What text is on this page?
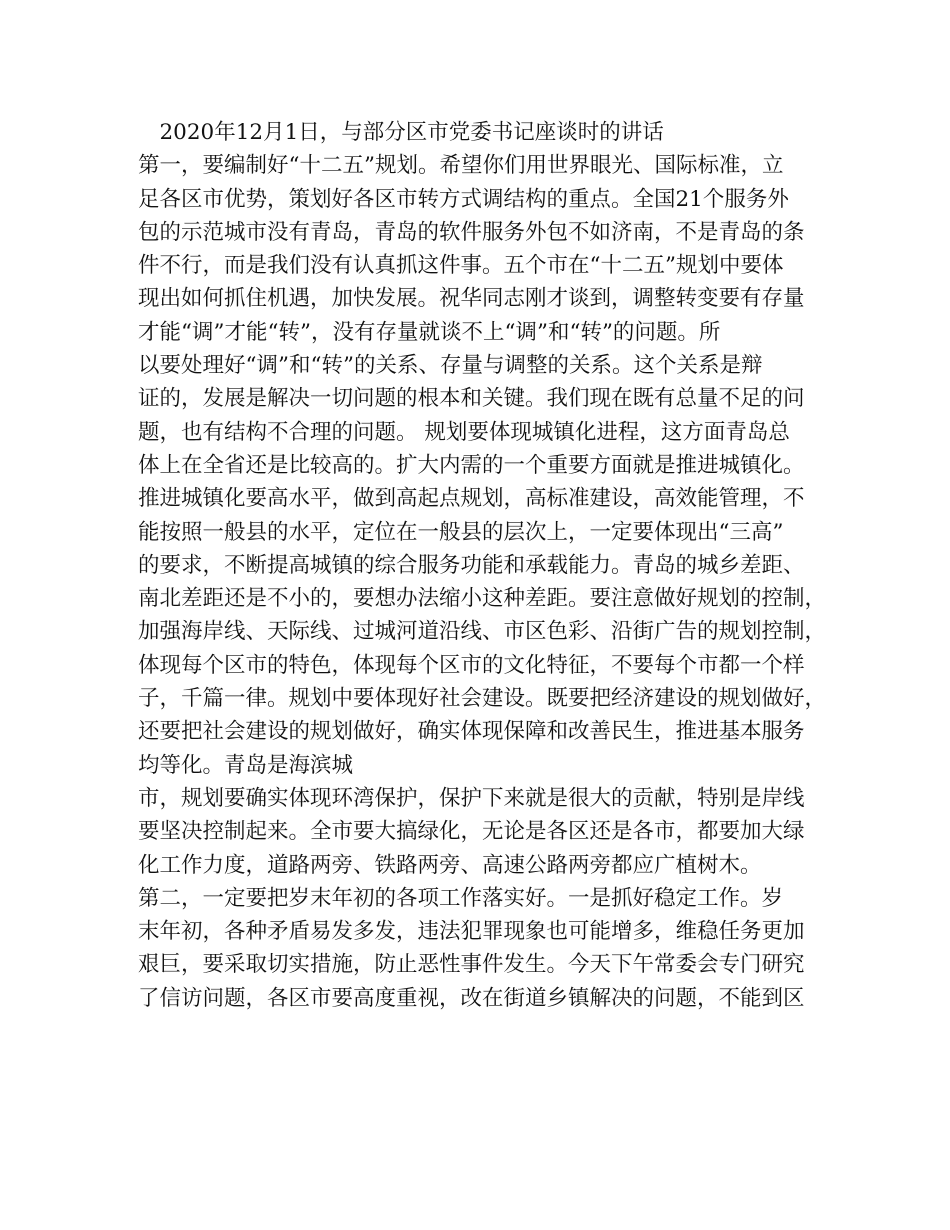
　2020年12月1日，与部分区市党委书记座谈时的讲话
第一，要编制好“十二五”规划。希望你们用世界眼光、国际标准，立
足各区市优势，策划好各区市转方式调结构的重点。全国21个服务外
包的示范城市没有青岛，青岛的软件服务外包不如济南，不是青岛的条
件不行，而是我们没有认真抓这件事。五个市在“十二五”规划中要体
现出如何抓住机遇，加快发展。祝华同志刚才谈到，调整转变要有存量
才能“调”才能“转”，没有存量就谈不上“调”和“转”的问题。所
以要处理好“调”和“转”的关系、存量与调整的关系。这个关系是辩
证的，发展是解决一切问题的根本和关键。我们现在既有总量不足的问
题，也有结构不合理的问题。 规划要体现城镇化进程，这方面青岛总
体上在全省还是比较高的。扩大内需的一个重要方面就是推进城镇化。
推进城镇化要高水平，做到高起点规划，高标准建设，高效能管理，不
能按照一般县的水平，定位在一般县的层次上，一定要体现出“三高”
的要求，不断提高城镇的综合服务功能和承载能力。青岛的城乡差距、
南北差距还是不小的，要想办法缩小这种差距。要注意做好规划的控制，
加强海岸线、天际线、过城河道沿线、市区色彩、沿街广告的规划控制，
体现每个区市的特色，体现每个区市的文化特征，不要每个市都一个样
子，千篇一律。规划中要体现好社会建设。既要把经济建设的规划做好，
还要把社会建设的规划做好，确实体现保障和改善民生，推进基本服务
均等化。青岛是海滨城
市，规划要确实体现环湾保护，保护下来就是很大的贡献，特别是岸线
要坚决控制起来。全市要大搞绿化，无论是各区还是各市，都要加大绿
化工作力度，道路两旁、铁路两旁、高速公路两旁都应广植树木。
第二，一定要把岁末年初的各项工作落实好。一是抓好稳定工作。岁
末年初，各种矛盾易发多发，违法犯罪现象也可能增多，维稳任务更加
艰巨，要采取切实措施，防止恶性事件发生。今天下午常委会专门研究
了信访问题，各区市要高度重视，改在街道乡镇解决的问题，不能到区
